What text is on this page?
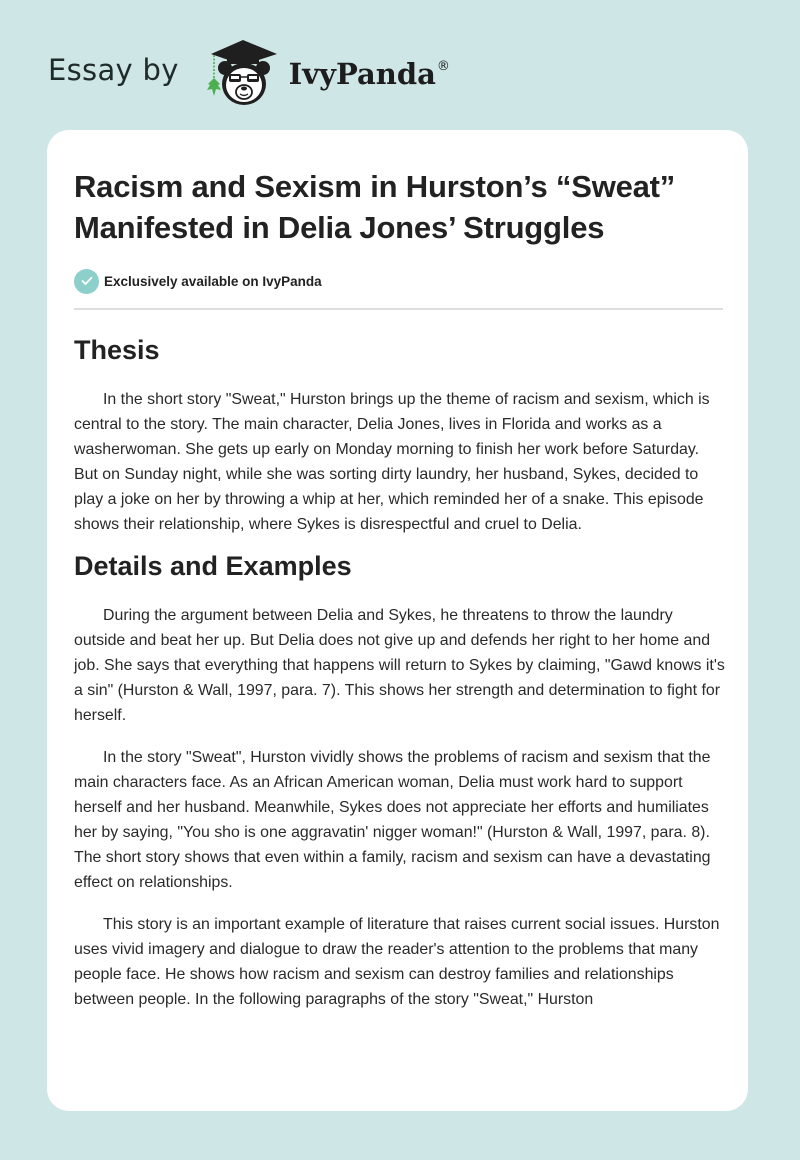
Essay by	IvyPanda®
Racism and Sexism in Hurston’s “Sweat” Manifested in Delia Jones’ Struggles
Exclusively available on IvyPanda
Thesis

In the short story "Sweat," Hurston brings up the theme of racism and sexism, which is central to the story. The main character, Delia Jones, lives in Florida and works as a washerwoman. She gets up early on Monday morning to finish her work before Saturday. But on Sunday night, while she was sorting dirty laundry, her husband, Sykes, decided to play a joke on her by throwing a whip at her, which reminded her of a snake. This episode shows their relationship, where Sykes is disrespectful and cruel to Delia.

Details and Examples

During the argument between Delia and Sykes, he threatens to throw the laundry outside and beat her up. But Delia does not give up and defends her right to her home and job. She says that everything that happens will return to Sykes by claiming, "Gawd knows it's a sin" (Hurston & Wall, 1997, para. 7). This shows her strength and determination to fight for herself.

In the story "Sweat", Hurston vividly shows the problems of racism and sexism that the main characters face. As an African American woman, Delia must work hard to support herself and her husband. Meanwhile, Sykes does not appreciate her efforts and humiliates her by saying, "You sho is one aggravatin' nigger woman!" (Hurston & Wall, 1997, para. 8). The short story shows that even within a family, racism and sexism can have a devastating effect on relationships.

This story is an important example of literature that raises current social issues. Hurston uses vivid imagery and dialogue to draw the reader's attention to the problems that many people face. He shows how racism and sexism can destroy families and relationships between people. In the following paragraphs of the story "Sweat," Hurston
